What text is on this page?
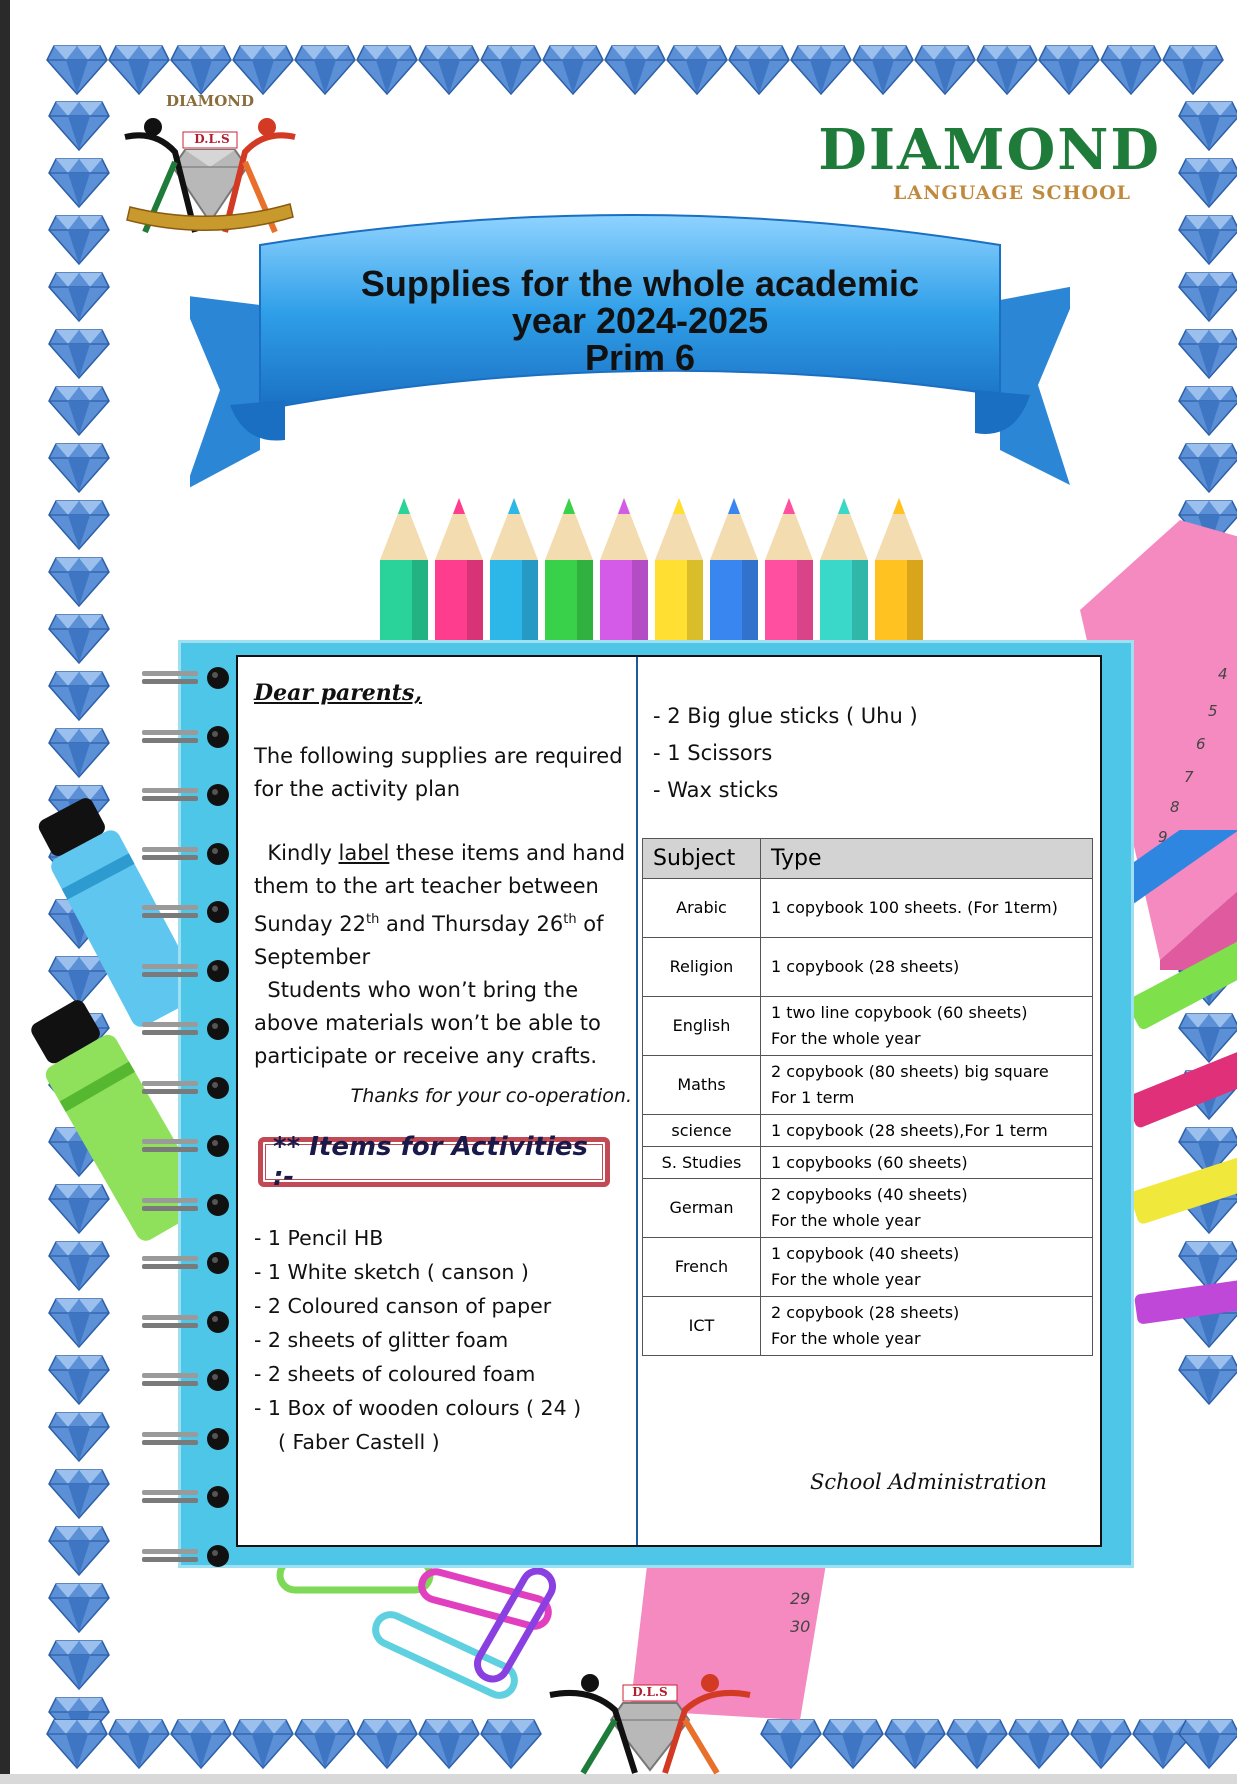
DIAMOND
D.L.S	DIAMOND
LANGUAGE SCHOOL
Supplies for the whole academic
year 2024-2025
Prim 6
4
5
6
7
8
9
29
30

Dear parents,

The following supplies are required for the activity plan

Kindly label these items and hand them to the art teacher between Sunday 22th and Thursday 26th of September

Students who won’t bring the above materials won’t be able to participate or receive any crafts.

Thanks for your co-operation.

** Items for Activities :-
- 1 Pencil HB
- 1 White sketch ( canson )
- 2 Coloured canson of paper
- 2 sheets of glitter foam
- 2 sheets of coloured foam
- 1 Box of wooden colours ( 24 )
( Faber Castell )
- 2 Big glue sticks ( Uhu )
- 1 Scissors
- Wax sticks
Subject	Type
Arabic	1 copybook 100 sheets. (For 1term)

Religion	1 copybook (28 sheets)

English	1 two line copybook (60 sheets)
For the whole year

Maths	2 copybook (80 sheets) big square
For 1 term

science	1 copybook (28 sheets),For 1 term

S. Studies	1 copybooks (60 sheets)

German	2 copybooks (40 sheets)
For the whole year

French	1 copybook (40 sheets)
For the whole year

ICT	2 copybook (28 sheets)
For the whole year
School Administration
D.L.S
